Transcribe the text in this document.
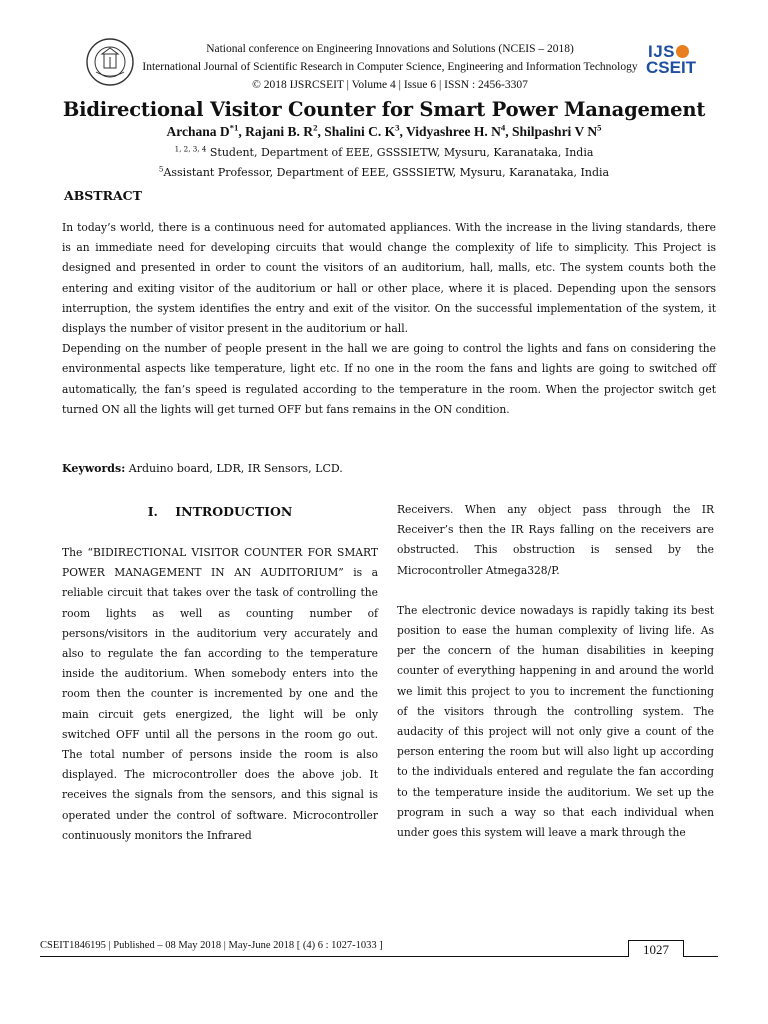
IJS
CSEIT
National conference on Engineering Innovations and Solutions (NCEIS – 2018)
International Journal of Scientific Research in Computer Science, Engineering and Information Technology
© 2018 IJSRCSEIT | Volume 4 | Issue 6 | ISSN : 2456-3307
Bidirectional Visitor Counter for Smart Power Management
Archana $D^{*1}$, Rajani B. $R^2$, Shalini C. $K^3$, Vidyashree H. $N^4$, Shilpashri V $N^5$
$^{1, 2, 3, 4}$ Student, Department of EEE, GSSSIETW, Mysuru, Karanataka, India
$^5$Assistant Professor, Department of EEE, GSSSIETW, Mysuru, Karanataka, India
ABSTRACT

In today’s world, there is a continuous need for automated appliances. With the increase in the living standards, there is an immediate need for developing circuits that would change the complexity of life to simplicity. This Project is designed and presented in order to count the visitors of an auditorium, hall, malls, etc. The system counts both the entering and exiting visitor of the auditorium or hall or other place, where it is placed. Depending upon the sensors interruption, the system identifies the entry and exit of the visitor. On the successful implementation of the system, it displays the number of visitor present in the auditorium or hall.

Depending on the number of people present in the hall we are going to control the lights and fans on considering the environmental aspects like temperature, light etc. If no one in the room the fans and lights are going to switched off automatically, the fan’s speed is regulated according to the temperature in the room. When the projector switch get turned ON all the lights will get turned OFF but fans remains in the ON condition.

Keywords: Arduino board, LDR, IR Sensors, LCD.
I.    INTRODUCTION

The “BIDIRECTIONAL VISITOR COUNTER FOR SMART POWER MANAGEMENT IN AN AUDITORIUM” is a reliable circuit that takes over the task of controlling the room lights as well as counting number of persons/visitors in the auditorium very accurately and also to regulate the fan according to the temperature inside the auditorium. When somebody enters into the room then the counter is incremented by one and the main circuit gets energized, the light will be only switched OFF until all the persons in the room go out. The total number of persons inside the room is also displayed. The microcontroller does the above job. It receives the signals from the sensors, and this signal is operated under the control of software. Microcontroller continuously monitors the Infrared

Receivers. When any object pass through the IR Receiver’s then the IR Rays falling on the receivers are obstructed. This obstruction is sensed by the Microcontroller Atmega328/P.

The electronic device nowadays is rapidly taking its best position to ease the human complexity of living life. As per the concern of the human disabilities in keeping counter of everything happening in and around the world we limit this project to you to increment the functioning of the visitors through the controlling system. The audacity of this project will not only give a count of the person entering the room but will also light up according to the individuals entered and regulate the fan according to the temperature inside the auditorium. We set up the program in such a way so that each individual when under goes this system will leave a mark through the

CSEIT1846195 | Published – 08 May 2018 | May-June 2018 [ (4) 6 : 1027-1033 ]	1027
